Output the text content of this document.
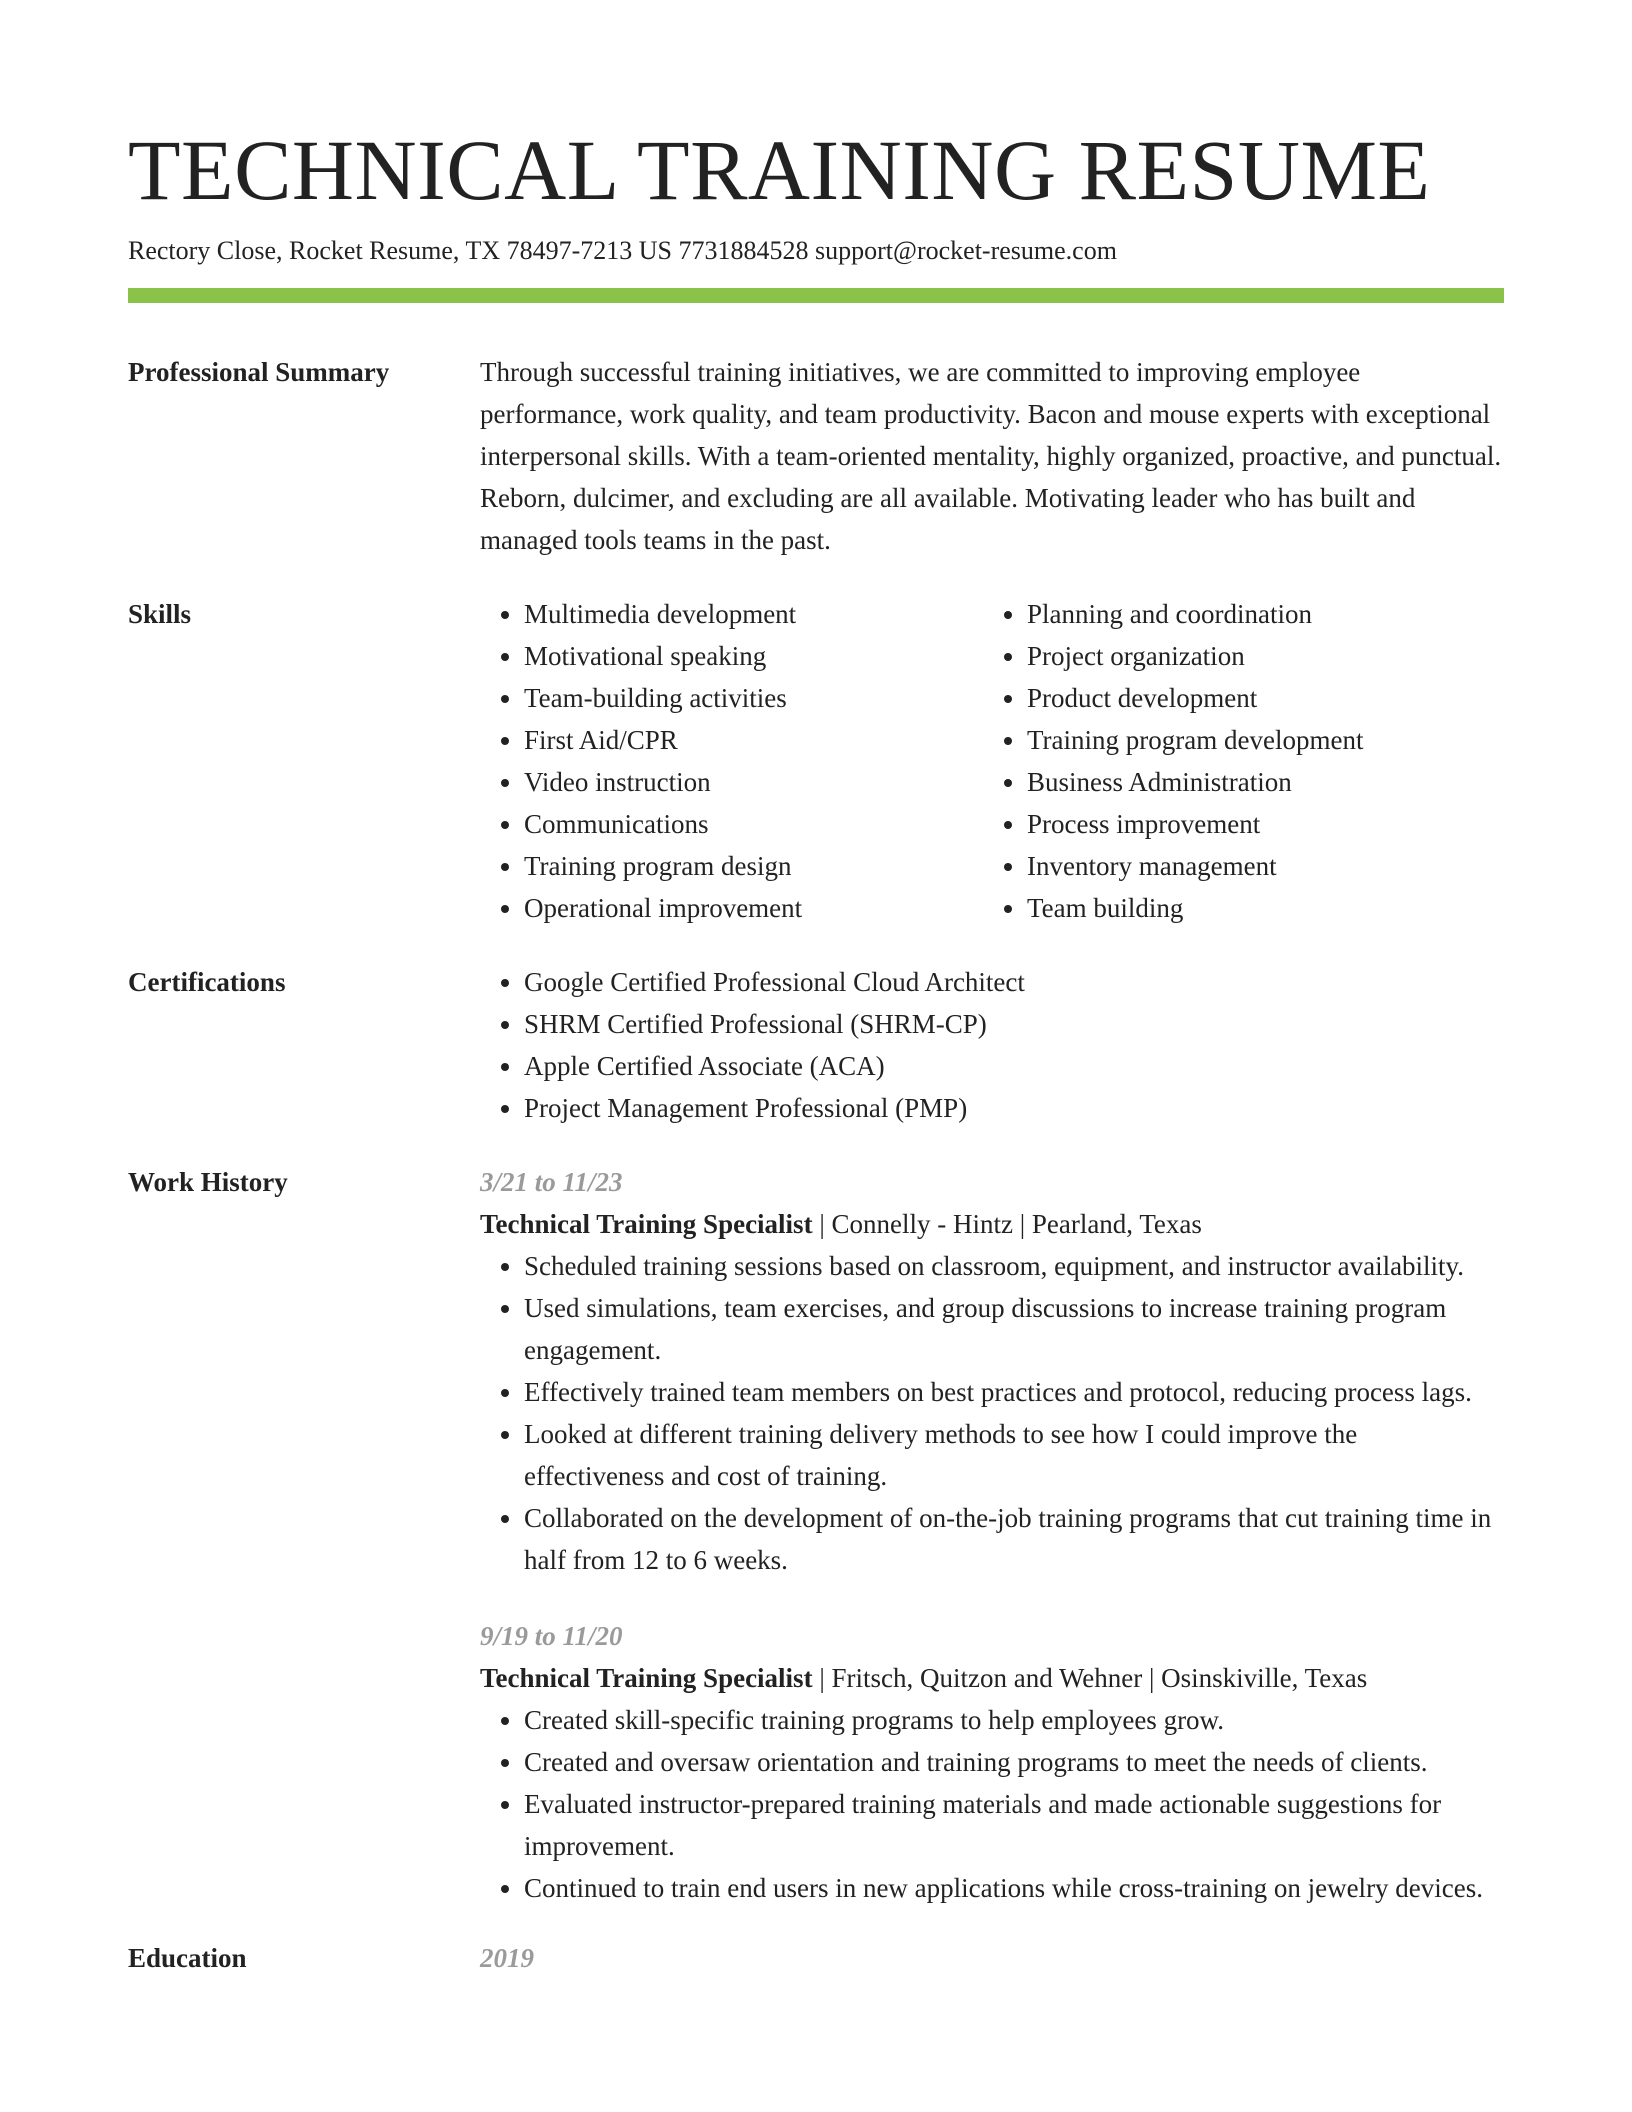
TECHNICAL TRAINING RESUME
Rectory Close, Rocket Resume, TX 78497-7213 US 7731884528 support@rocket-resume.com
Professional Summary	Through successful training initiatives, we are committed to improving employee performance, work quality, and team productivity. Bacon and mouse experts with exceptional interpersonal skills. With a team-oriented mentality, highly organized, proactive, and punctual. Reborn, dulcimer, and excluding are all available. Motivating leader who has built and managed tools teams in the past.

Skills	• Multimedia development
• Motivational speaking
• Team-building activities
• First Aid/CPR
• Video instruction
• Communications
• Training program design
• Operational improvement
• Planning and coordination
• Project organization
• Product development
• Training program development
• Business Administration
• Process improvement
• Inventory management
• Team building
Certifications	• Google Certified Professional Cloud Architect
• SHRM Certified Professional (SHRM-CP)
• Apple Certified Associate (ACA)
• Project Management Professional (PMP)
Work History	3/21 to 11/23
Technical Training Specialist | Connelly - Hintz | Pearland, Texas
• Scheduled training sessions based on classroom, equipment, and instructor availability.
• Used simulations, team exercises, and group discussions to increase training program engagement.
• Effectively trained team members on best practices and protocol, reducing process lags.
• Looked at different training delivery methods to see how I could improve the effectiveness and cost of training.
• Collaborated on the development of on-the-job training programs that cut training time in half from 12 to 6 weeks.
9/19 to 11/20
Technical Training Specialist | Fritsch, Quitzon and Wehner | Osinskiville, Texas
• Created skill-specific training programs to help employees grow.
• Created and oversaw orientation and training programs to meet the needs of clients.
• Evaluated instructor-prepared training materials and made actionable suggestions for improvement.
• Continued to train end users in new applications while cross-training on jewelry devices.
Education	2019
